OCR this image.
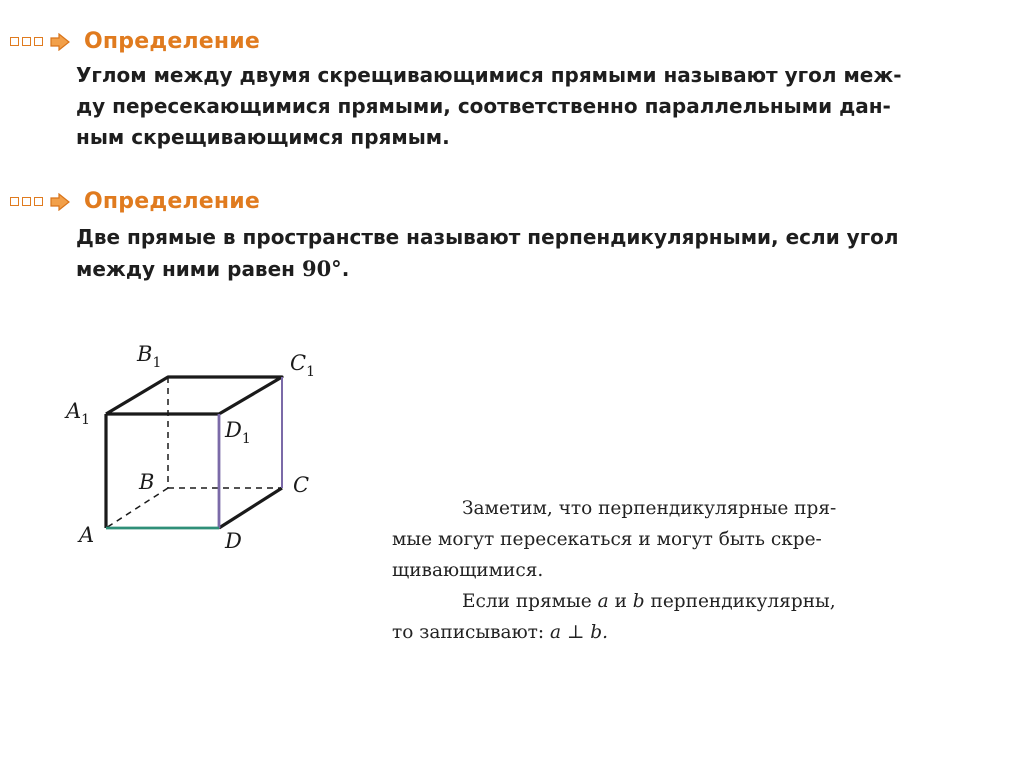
Определение
Углом между двумя скрещивающимися прямыми называют угол меж-
ду пересекающимися прямыми, соответственно параллельными дан-
ным скрещивающимся прямым.
Определение
Две прямые в пространстве называют перпендикулярными, если угол
между ними равен 90°.
$B_1$	$C_1$
$A_1$	$D_1$
B	C
A	D
Заметим, что перпендикулярные пря-
мые могут пересекаться и могут быть скре-
щивающимися.
Если прямые a и b перпендикулярны,
то записывают: a ⊥ b.
